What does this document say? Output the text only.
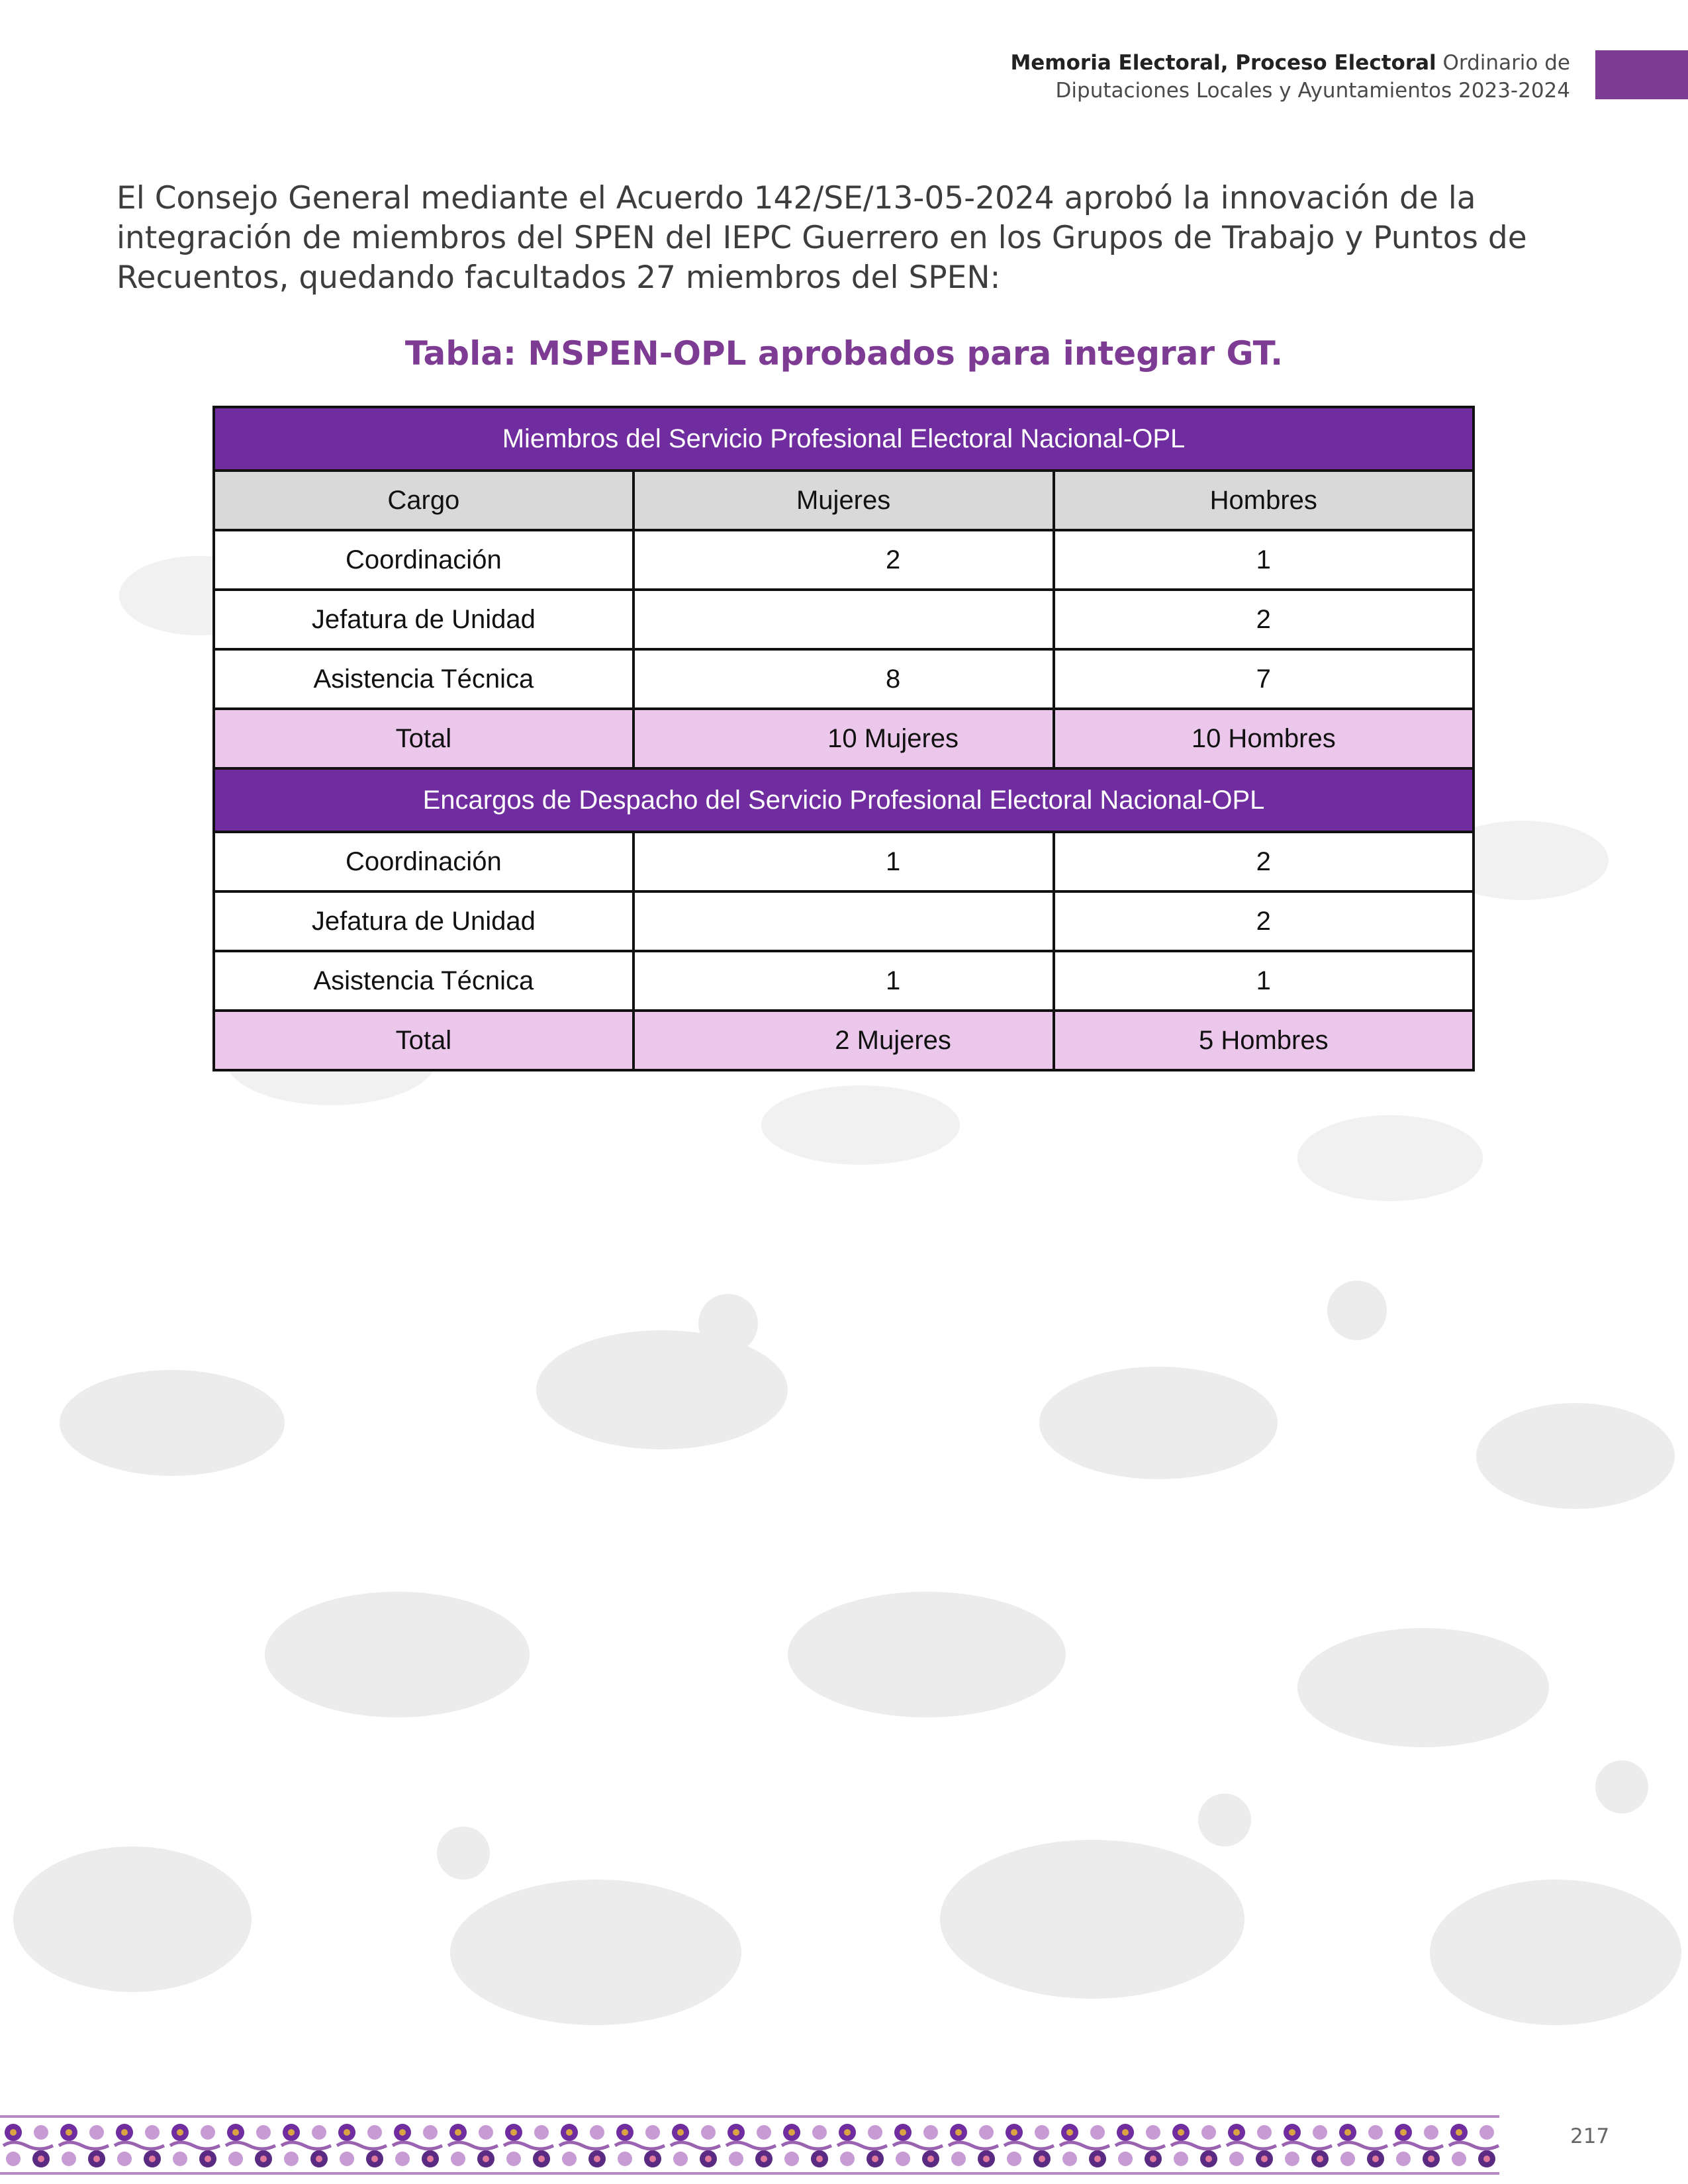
Memoria Electoral, Proceso Electoral Ordinario de
Diputaciones Locales y Ayuntamientos 2023-2024

El Consejo General mediante el Acuerdo 142/SE/13-05-2024 aprobó la innovación de la integración de miembros del SPEN del IEPC Guerrero en los Grupos de Trabajo y Puntos de Recuentos, quedando facultados 27 miembros del SPEN:

Tabla: MSPEN-OPL aprobados para integrar GT.
Miembros del Servicio Profesional Electoral Nacional-OPL		
Cargo	Mujeres	Hombres
Coordinación	2	1
Jefatura de Unidad		2
Asistencia Técnica	8	7
Total	10 Mujeres	10 Hombres
Encargos de Despacho del Servicio Profesional Electoral Nacional-OPL		
Coordinación	1	2
Jefatura de Unidad		2
Asistencia Técnica	1	1
Total	2 Mujeres	5 Hombres
217
